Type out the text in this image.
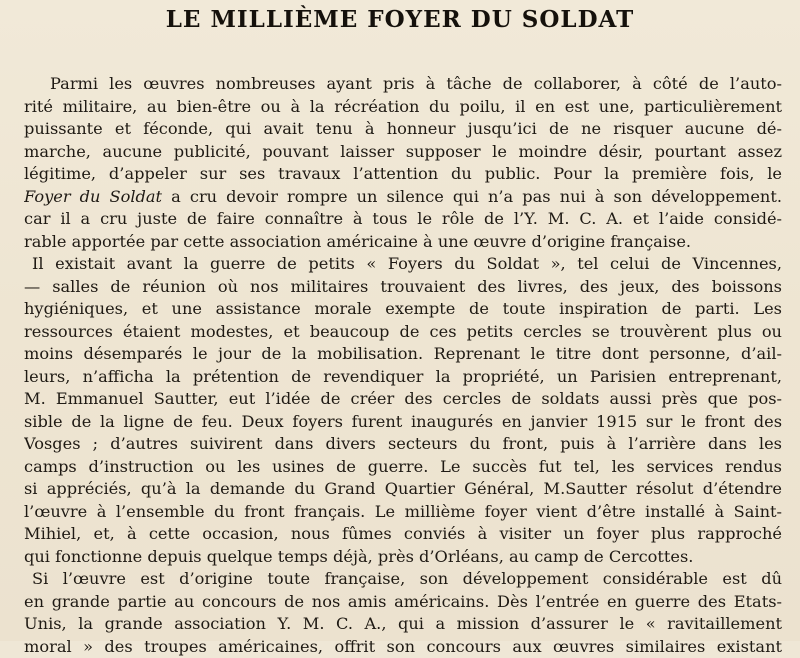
LE MILLIÈME FOYER DU SOLDAT
Parmi les œuvres nombreuses ayant pris à tâche de collaborer, à côté de l’auto-
rité militaire, au bien-être ou à la récréation du poilu, il en est une, particulièrement
puissante et féconde, qui avait tenu à honneur jusqu’ici de ne risquer aucune dé-
marche, aucune publicité, pouvant laisser supposer le moindre désir, pourtant assez
légitime, d’appeler sur ses travaux l’attention du public. Pour la première fois, le
Foyer du Soldat a cru devoir rompre un silence qui n’a pas nui à son développement.
car il a cru juste de faire connaître à tous le rôle de l’Y. M. C. A. et l’aide considé-
rable apportée par cette association américaine à une œuvre d’origine française.
Il existait avant la guerre de petits « Foyers du Soldat », tel celui de Vincennes,
— salles de réunion où nos militaires trouvaient des livres, des jeux, des boissons
hygiéniques, et une assistance morale exempte de toute inspiration de parti. Les
ressources étaient modestes, et beaucoup de ces petits cercles se trouvèrent plus ou
moins désemparés le jour de la mobilisation. Reprenant le titre dont personne, d’ail-
leurs, n’afficha la prétention de revendiquer la propriété, un Parisien entreprenant,
M. Emmanuel Sautter, eut l’idée de créer des cercles de soldats aussi près que pos-
sible de la ligne de feu. Deux foyers furent inaugurés en janvier 1915 sur le front des
Vosges ; d’autres suivirent dans divers secteurs du front, puis à l’arrière dans les
camps d’instruction ou les usines de guerre. Le succès fut tel, les services rendus
si appréciés, qu’à la demande du Grand Quartier Général, M.Sautter résolut d’étendre
l’œuvre à l’ensemble du front français. Le millième foyer vient d’être installé à Saint-
Mihiel, et, à cette occasion, nous fûmes conviés à visiter un foyer plus rapproché
qui fonctionne depuis quelque temps déjà, près d’Orléans, au camp de Cercottes.
Si l’œuvre est d’origine toute française, son développement considérable est dû
en grande partie au concours de nos amis américains. Dès l’entrée en guerre des Etats-
Unis, la grande association Y. M. C. A., qui a mission d’assurer le « ravitaillement
moral » des troupes américaines, offrit son concours aux œuvres similaires existant
